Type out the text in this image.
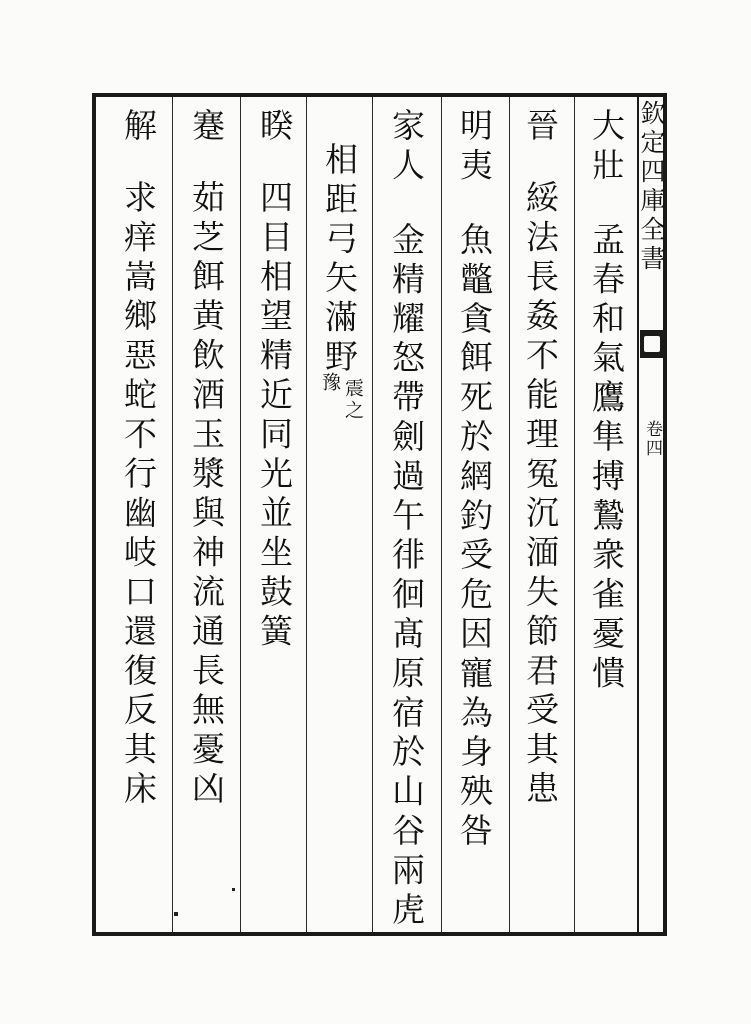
欽定四庫全書
卷四
大壯
孟春和氣鷹隼搏鷙衆雀憂憒
晉
綏法長姦不能理冤沉湎失節君受其患
明夷
魚鼈貪餌死於網釣受危因寵為身殃咎
家人
金精耀怒帶劍過午徘徊髙原宿於山谷兩虎
相距弓矢滿野
震之
豫
睽
四目相望精近同光並坐鼓簧
蹇
茹芝餌黄飲酒玉漿與神流通長無憂凶
解
求痒嵩鄉惡蛇不行幽岐口還復反其床
